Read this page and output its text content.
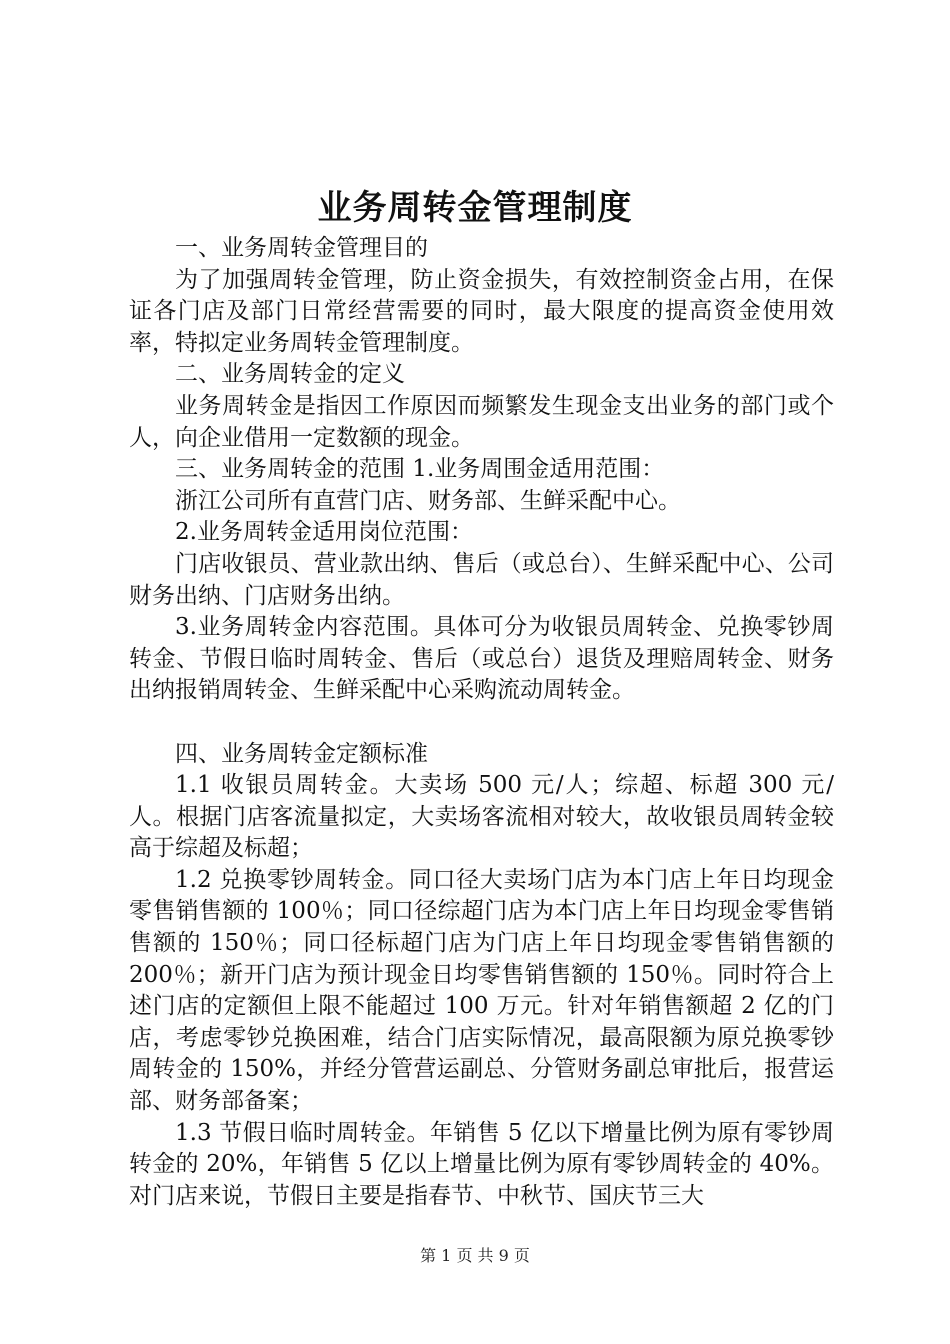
业务周转金管理制度

一、业务周转金管理目的

为了加强周转金管理，防止资金损失，有效控制资金占用，在保证各门店及部门日常经营需要的同时，最大限度的提高资金使用效率，特拟定业务周转金管理制度。

二、业务周转金的定义

业务周转金是指因工作原因而频繁发生现金支出业务的部门或个人，向企业借用一定数额的现金。

三、业务周转金的范围 1.业务周围金适用范围：

浙江公司所有直营门店、财务部、生鲜采配中心。

2.业务周转金适用岗位范围：

门店收银员、营业款出纳、售后（或总台）、生鲜采配中心、公司财务出纳、门店财务出纳。

3.业务周转金内容范围。具体可分为收银员周转金、兑换零钞周转金、节假日临时周转金、售后（或总台）退货及理赔周转金、财务出纳报销周转金、生鲜采配中心采购流动周转金。

四、业务周转金定额标准

1.1 收银员周转金。大卖场 500 元/人；综超、标超 300 元/人。根据门店客流量拟定，大卖场客流相对较大，故收银员周转金较高于综超及标超；

1.2 兑换零钞周转金。同口径大卖场门店为本门店上年日均现金零售销售额的 100％；同口径综超门店为本门店上年日均现金零售销售额的 150％；同口径标超门店为门店上年日均现金零售销售额的 200％；新开门店为预计现金日均零售销售额的 150％。同时符合上述门店的定额但上限不能超过 100 万元。针对年销售额超 2 亿的门店，考虑零钞兑换困难，结合门店实际情况，最高限额为原兑换零钞周转金的 150%，并经分管营运副总、分管财务副总审批后，报营运部、财务部备案；

1.3 节假日临时周转金。年销售 5 亿以下增量比例为原有零钞周转金的 20%，年销售 5 亿以上增量比例为原有零钞周转金的 40%。对门店来说，节假日主要是指春节、中秋节、国庆节三大

第 1 页 共 9 页
